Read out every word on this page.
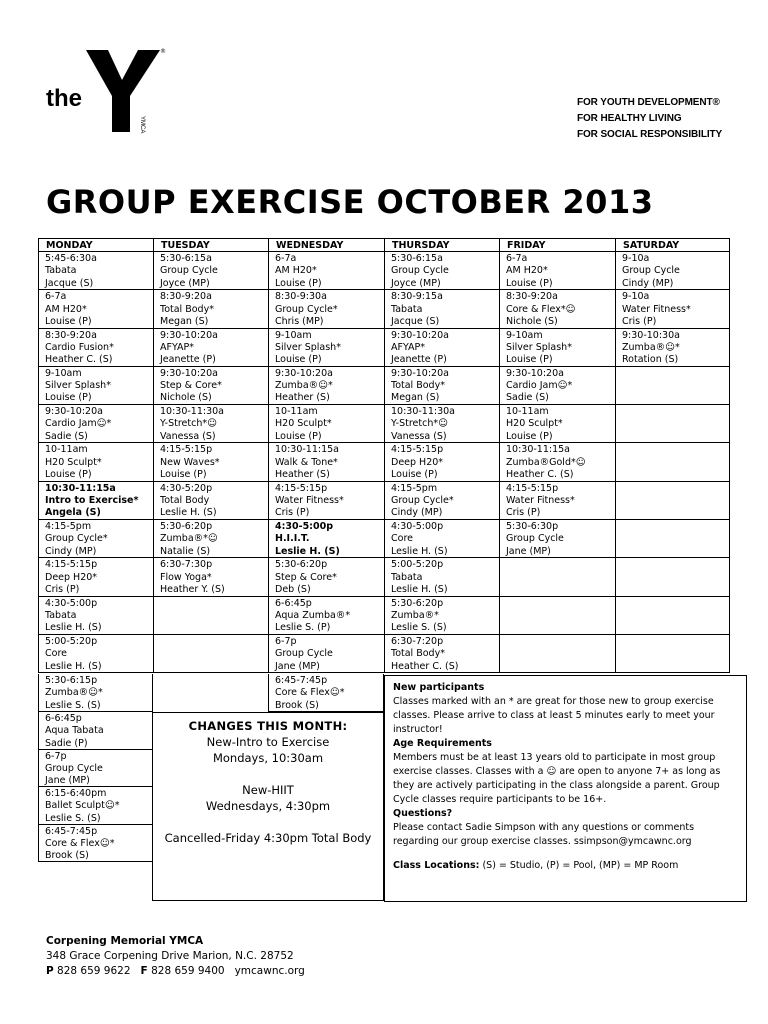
the
YMCA
®
FOR YOUTH DEVELOPMENT®
FOR HEALTHY LIVING
FOR SOCIAL RESPONSIBILITY
GROUP EXERCISE OCTOBER 2013
MONDAY
5:45-6:30a
Tabata
Jacque (S)
6-7a
AM H20*
Louise (P)
8:30-9:20a
Cardio Fusion*
Heather C. (S)
9-10am
Silver Splash*
Louise (P)
9:30-10:20a
Cardio Jam☺*
Sadie (S)
10-11am
H20 Sculpt*
Louise (P)
10:30-11:15a
Intro to Exercise*
Angela (S)
4:15-5pm
Group Cycle*
Cindy (MP)
4:15-5:15p
Deep H20*
Cris (P)
4:30-5:00p
Tabata
Leslie H. (S)
5:00-5:20p
Core
Leslie H. (S)
TUESDAY
5:30-6:15a
Group Cycle
Joyce (MP)
8:30-9:20a
Total Body*
Megan (S)
9:30-10:20a
AFYAP*
Jeanette (P)
9:30-10:20a
Step & Core*
Nichole (S)
10:30-11:30a
Y-Stretch*☺
Vanessa (S)
4:15-5:15p
New Waves*
Louise (P)
4:30-5:20p
Total Body
Leslie H. (S)
5:30-6:20p
Zumba®*☺
Natalie (S)
6:30-7:30p
Flow Yoga*
Heather Y. (S)
WEDNESDAY
6-7a
AM H20*
Louise (P)
8:30-9:30a
Group Cycle*
Chris (MP)
9-10am
Silver Splash*
Louise (P)
9:30-10:20a
Zumba®☺*
Heather (S)
10-11am
H20 Sculpt*
Louise (P)
10:30-11:15a
Walk & Tone*
Heather (S)
4:15-5:15p
Water Fitness*
Cris (P)
4:30-5:00p
H.I.I.T.
Leslie H. (S)
5:30-6:20p
Step & Core*
Deb (S)
6-6:45p
Aqua Zumba®*
Leslie S. (P)
6-7p
Group Cycle
Jane (MP)
THURSDAY
5:30-6:15a
Group Cycle
Joyce (MP)
8:30-9:15a
Tabata
Jacque (S)
9:30-10:20a
AFYAP*
Jeanette (P)
9:30-10:20a
Total Body*
Megan (S)
10:30-11:30a
Y-Stretch*☺
Vanessa (S)
4:15-5:15p
Deep H20*
Louise (P)
4:15-5pm
Group Cycle*
Cindy (MP)
4:30-5:00p
Core
Leslie H. (S)
5:00-5:20p
Tabata
Leslie H. (S)
5:30-6:20p
Zumba®*
Leslie S. (S)
6:30-7:20p
Total Body*
Heather C. (S)
FRIDAY
6-7a
AM H20*
Louise (P)
8:30-9:20a
Core & Flex*☺
Nichole (S)
9-10am
Silver Splash*
Louise (P)
9:30-10:20a
Cardio Jam☺*
Sadie (S)
10-11am
H20 Sculpt*
Louise (P)
10:30-11:15a
Zumba®Gold*☺
Heather C. (S)
4:15-5:15p
Water Fitness*
Cris (P)
5:30-6:30p
Group Cycle
Jane (MP)
SATURDAY
9-10a
Group Cycle
Cindy (MP)
9-10a
Water Fitness*
Cris (P)
9:30-10:30a
Zumba®☺*
Rotation (S)
5:30-6:15p
Zumba®☺*
Leslie S. (S)
6-6:45p
Aqua Tabata
Sadie (P)
6-7p
Group Cycle
Jane (MP)
6:15-6:40pm
Ballet Sculpt☺*
Leslie S. (S)
6:45-7:45p
Core & Flex☺*
Brook (S)
6:45-7:45p
Core & Flex☺*
Brook (S)
CHANGES THIS MONTH:
New-Intro to Exercise
Mondays, 10:30am
New-HIIT
Wednesdays, 4:30pm
Cancelled-Friday 4:30pm Total Body
New participants
Classes marked with an * are great for those new to group exercise classes. Please arrive to class at least 5 minutes early to meet your instructor!
Age Requirements
Members must be at least 13 years old to participate in most group exercise classes. Classes with a ☺ are open to anyone 7+ as long as they are actively participating in the class alongside a parent. Group Cycle classes require participants to be 16+.
Questions?
Please contact Sadie Simpson with any questions or comments regarding our group exercise classes. ssimpson@ymcawnc.org
Class Locations: (S) = Studio, (P) = Pool, (MP) = MP Room
Corpening Memorial YMCA
348 Grace Corpening Drive Marion, N.C. 28752
P 828 659 9622 F 828 659 9400 ymcawnc.org
